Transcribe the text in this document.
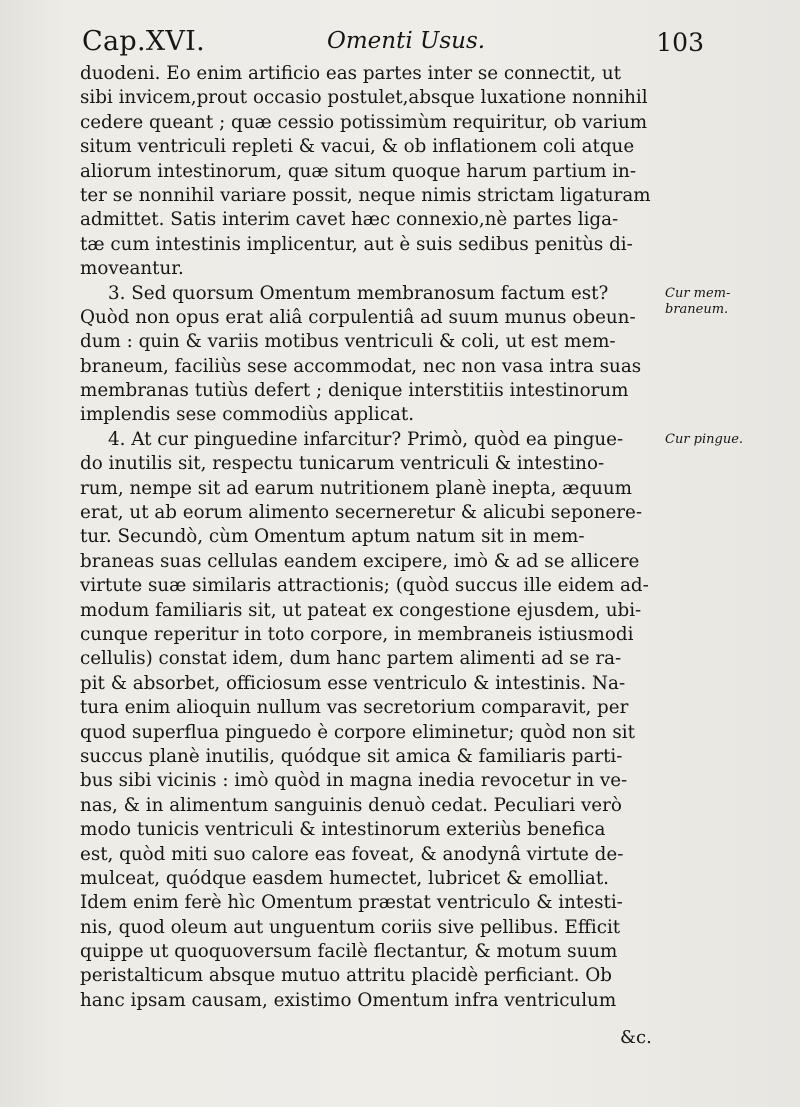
Cap.XVI.	Omenti Usus.	103
duodeni. Eo enim artificio eas partes inter se connectit, ut
sibi invicem,prout occasio postulet,absque luxatione nonnihil
cedere queant ; quæ cessio potissimùm requiritur, ob varium
situm ventriculi repleti & vacui, & ob inflationem coli atque
aliorum intestinorum, quæ situm quoque harum partium in-
ter se nonnihil variare possit, neque nimis strictam ligaturam
admittet. Satis interim cavet hæc connexio,nè partes liga-
tæ cum intestinis implicentur, aut è suis sedibus penitùs di-
moveantur.
3. Sed quorsum Omentum membranosum factum est?
Quòd non opus erat aliâ corpulentiâ ad suum munus obeun-
dum : quin & variis motibus ventriculi & coli, ut est mem-
braneum, faciliùs sese accommodat, nec non vasa intra suas
membranas tutiùs defert ; denique interstitiis intestinorum
implendis sese commodiùs applicat.
4. At cur pinguedine infarcitur? Primò, quòd ea pingue-
do inutilis sit, respectu tunicarum ventriculi & intestino-
rum, nempe sit ad earum nutritionem planè inepta, æquum
erat, ut ab eorum alimento secerneretur & alicubi seponere-
tur. Secundò, cùm Omentum aptum natum sit in mem-
braneas suas cellulas eandem excipere, imò & ad se allicere
virtute suæ similaris attractionis; (quòd succus ille eidem ad-
modum familiaris sit, ut pateat ex congestione ejusdem, ubi-
cunque reperitur in toto corpore, in membraneis istiusmodi
cellulis) constat idem, dum hanc partem alimenti ad se ra-
pit & absorbet, officiosum esse ventriculo & intestinis. Na-
tura enim alioquin nullum vas secretorium comparavit, per
quod superflua pinguedo è corpore eliminetur; quòd non sit
succus planè inutilis, quódque sit amica & familiaris parti-
bus sibi vicinis : imò quòd in magna inedia revocetur in ve-
nas, & in alimentum sanguinis denuò cedat. Peculiari verò
modo tunicis ventriculi & intestinorum exteriùs benefica
est, quòd miti suo calore eas foveat, & anodynâ virtute de-
mulceat, quódque easdem humectet, lubricet & emolliat.
Idem enim ferè hìc Omentum præstat ventriculo & intesti-
nis, quod oleum aut unguentum coriis sive pellibus. Efficit
quippe ut quoquoversum facilè flectantur, & motum suum
peristalticum absque mutuo attritu placidè perficiant. Ob
hanc ipsam causam, existimo Omentum infra ventriculum
Cur mem-
braneum.
Cur pingue.
&c.
